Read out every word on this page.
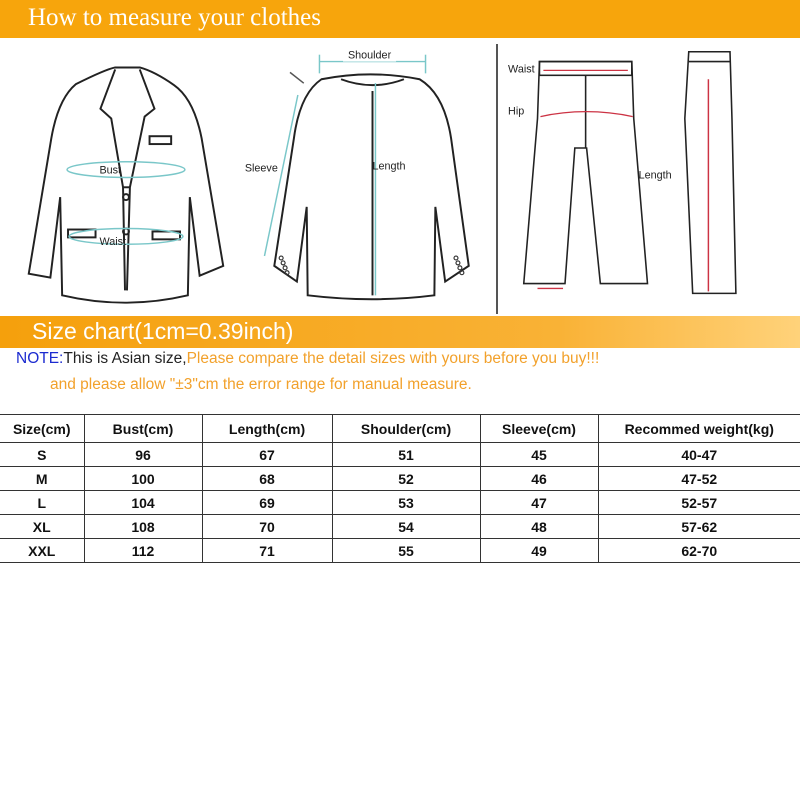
How to measure your clothes
Bust
Waist
Shoulder
Sleeve	Length
Waist
Hip
Length
Size chart(1cm=0.39inch)
NOTE:This is Asian size,Please compare the detail sizes with yours before you buy!!!
and please allow "±3"cm the error range for manual measure.
Size(cm)	Bust(cm)	Length(cm)	Shoulder(cm)	Sleeve(cm)	Recommed weight(kg)
S	96	67	51	45	40-47
M	100	68	52	46	47-52
L	104	69	53	47	52-57
XL	108	70	54	48	57-62
XXL	112	71	55	49	62-70
